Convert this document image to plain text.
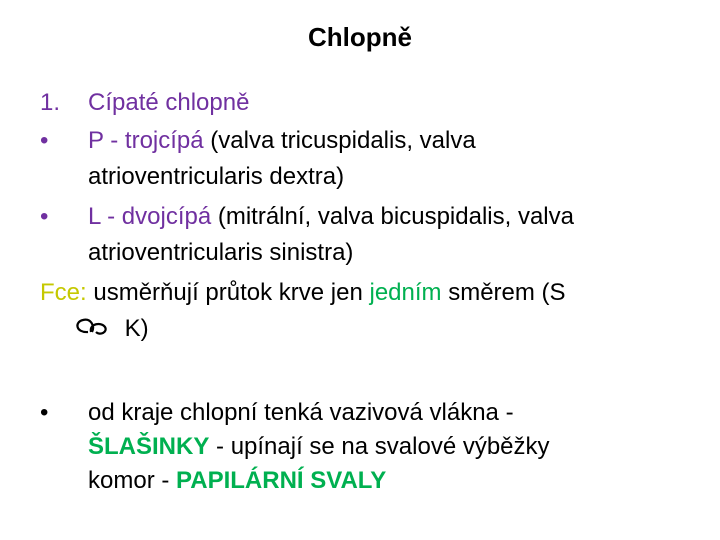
Chlopně
1. Cípaté chlopně
• P - trojcípá (valva tricuspidalis, valva
atrioventricularis dextra)
• L - dvojcípá (mitrální, valva bicuspidalis, valva
atrioventricularis sinistra)
Fce: usměrňují průtok krve jen jedním směrem (S
K)
• od kraje chlopní tenká vazivová vlákna -
ŠLAŠINKY - upínají se na svalové výběžky
komor - PAPILÁRNÍ SVALY
